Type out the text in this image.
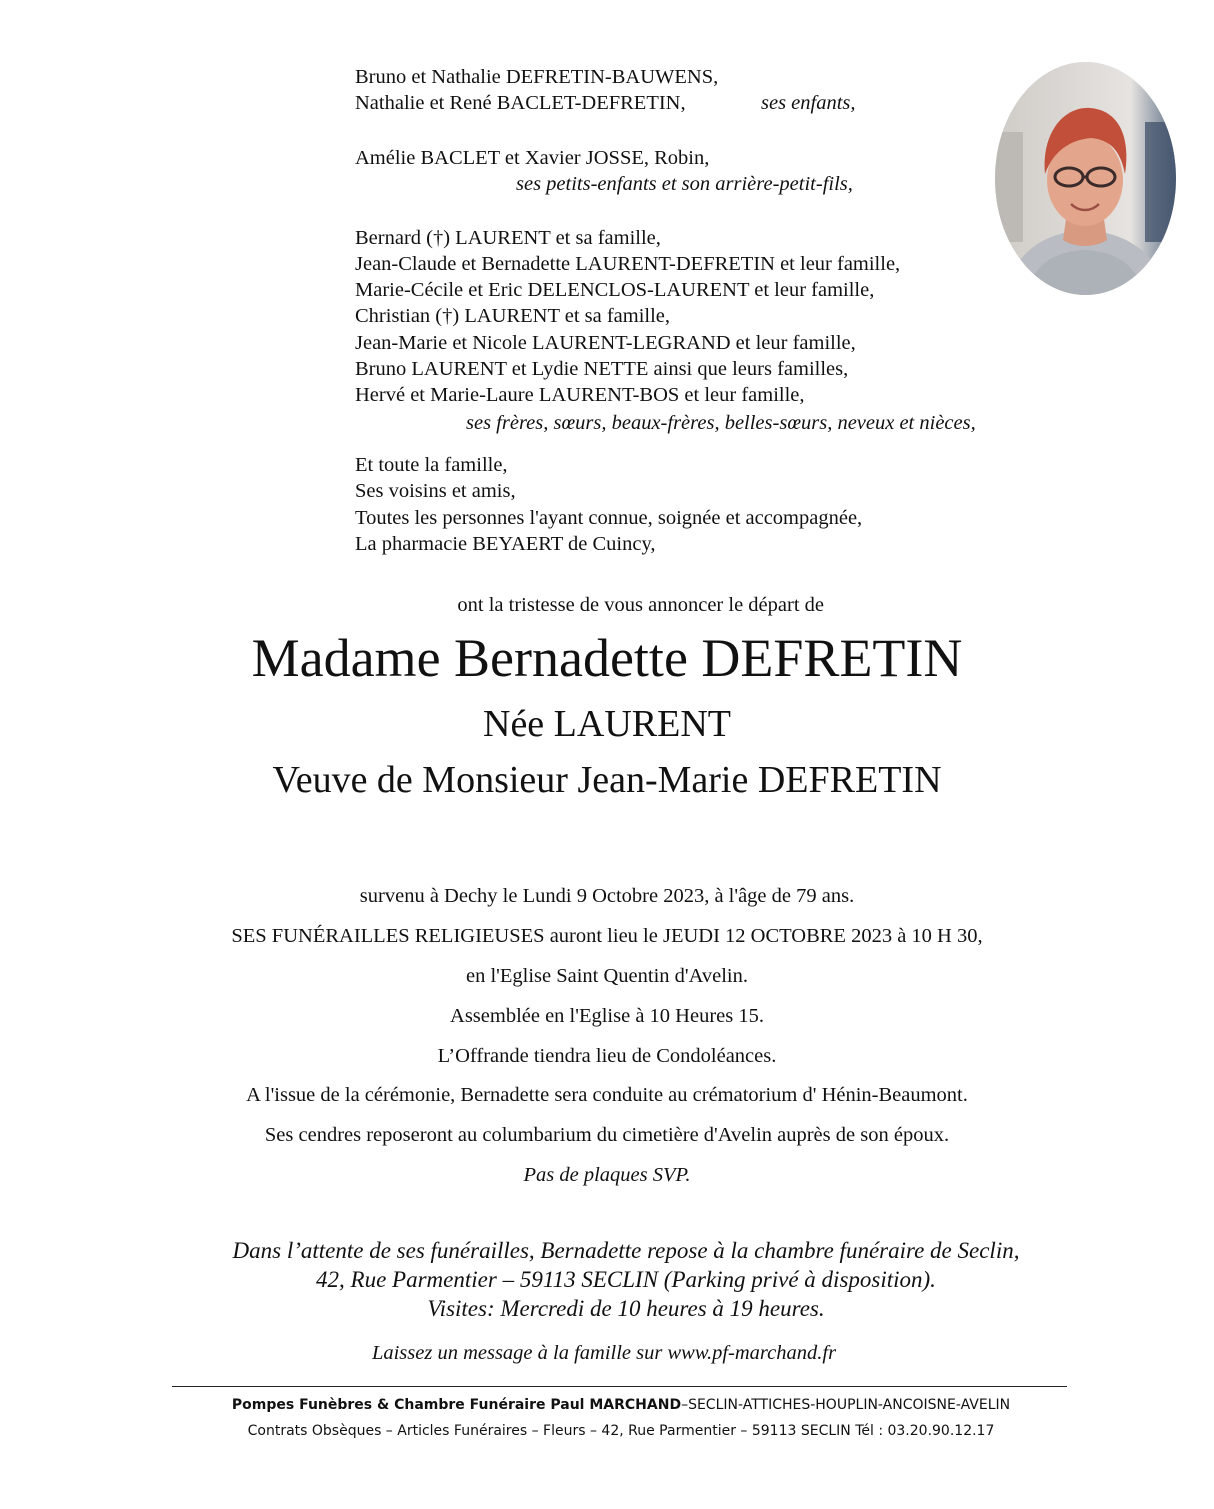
Bruno et Nathalie DEFRETIN-BAUWENS,
Nathalie et René BACLET-DEFRETIN,	ses enfants,
Amélie BACLET et Xavier JOSSE, Robin,
ses petits-enfants et son arrière-petit-fils,
Bernard (†) LAURENT et sa famille,
Jean-Claude et Bernadette LAURENT-DEFRETIN et leur famille,
Marie-Cécile et Eric DELENCLOS-LAURENT et leur famille,
Christian (†) LAURENT et sa famille,
Jean-Marie et Nicole LAURENT-LEGRAND et leur famille,
Bruno LAURENT et Lydie NETTE ainsi que leurs familles,
Hervé et Marie-Laure LAURENT-BOS et leur famille,
ses frères, sœurs, beaux-frères, belles-sœurs, neveux et nièces,
Et toute la famille,
Ses voisins et amis,
Toutes les personnes l'ayant connue, soignée et accompagnée,
La pharmacie BEYAERT de Cuincy,
ont la tristesse de vous annoncer le départ de
Madame Bernadette DEFRETIN
Née LAURENT
Veuve de Monsieur Jean-Marie DEFRETIN
survenu à Dechy le Lundi 9 Octobre 2023, à l'âge de 79 ans.
SES FUNÉRAILLES RELIGIEUSES auront lieu le JEUDI 12 OCTOBRE 2023 à 10 H 30,
en l'Eglise Saint Quentin d'Avelin.
Assemblée en l'Eglise à 10 Heures 15.
L’Offrande tiendra lieu de Condoléances.
A l'issue de la cérémonie, Bernadette sera conduite au crématorium d' Hénin-Beaumont.
Ses cendres reposeront au columbarium du cimetière d'Avelin auprès de son époux.
Pas de plaques SVP.
Dans l’attente de ses funérailles, Bernadette repose à la chambre funéraire de Seclin,
42, Rue Parmentier – 59113 SECLIN (Parking privé à disposition).
Visites: Mercredi de 10 heures à 19 heures.
Laissez un message à la famille sur www.pf-marchand.fr
Pompes Funèbres & Chambre Funéraire Paul MARCHAND–SECLIN-ATTICHES-HOUPLIN-ANCOISNE-AVELIN
Contrats Obsèques – Articles Funéraires – Fleurs – 42, Rue Parmentier – 59113 SECLIN Tél : 03.20.90.12.17
